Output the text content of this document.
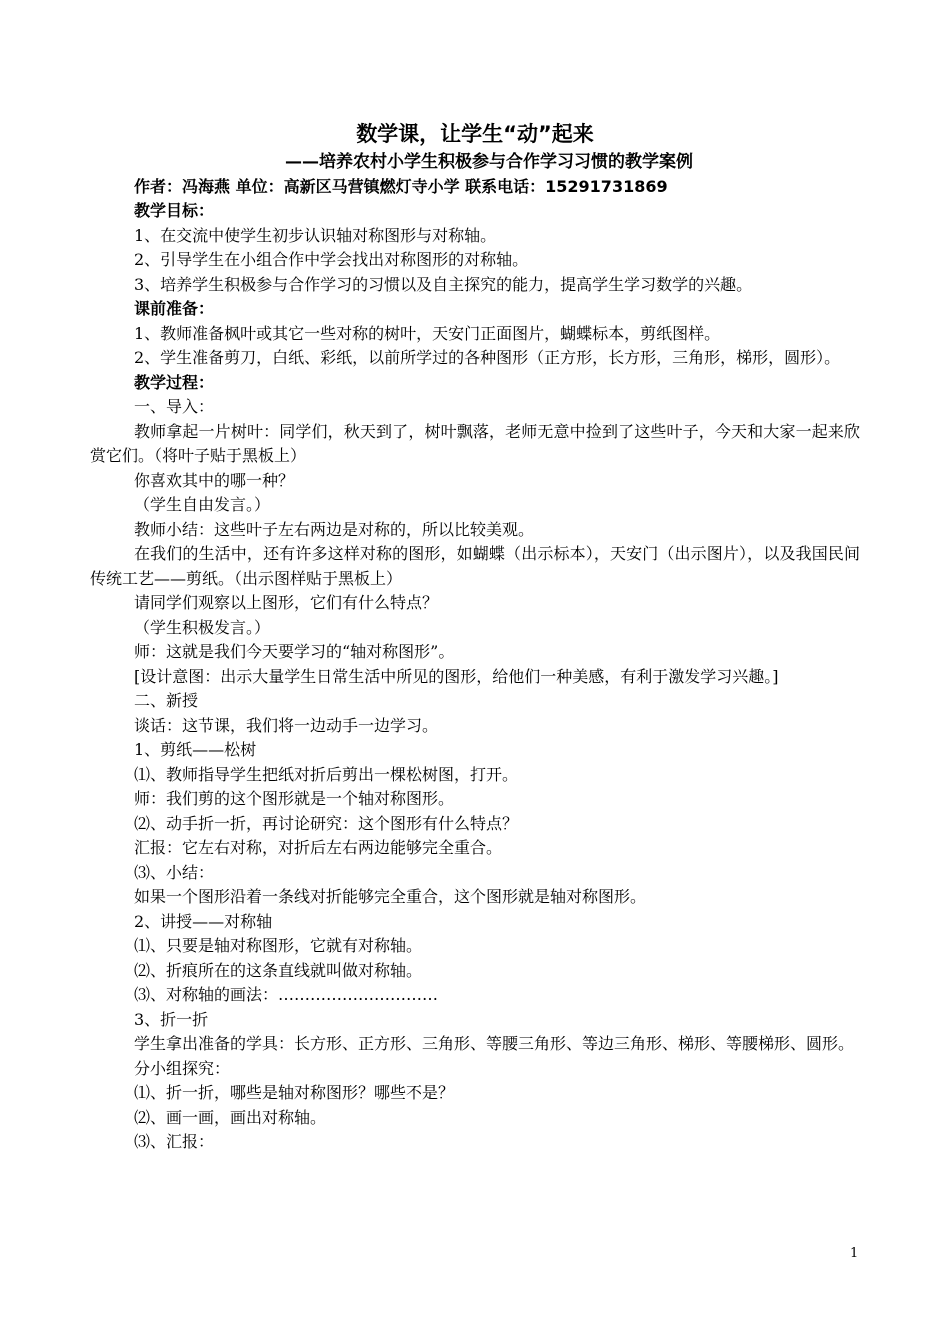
数学课，让学生“动”起来
——培养农村小学生积极参与合作学习习惯的教学案例
作者：冯海燕 单位：高新区马营镇燃灯寺小学 联系电话：15291731869

教学目标：

1、在交流中使学生初步认识轴对称图形与对称轴。

2、引导学生在小组合作中学会找出对称图形的对称轴。

3、培养学生积极参与合作学习的习惯以及自主探究的能力，提高学生学习数学的兴趣。

课前准备：

1、教师准备枫叶或其它一些对称的树叶，天安门正面图片，蝴蝶标本，剪纸图样。

2、学生准备剪刀，白纸、彩纸，以前所学过的各种图形（正方形，长方形，三角形，梯形，圆形）。

教学过程：

一、导入：

教师拿起一片树叶：同学们，秋天到了，树叶飘落，老师无意中捡到了这些叶子，今天和大家一起来欣赏它们。（将叶子贴于黑板上）

你喜欢其中的哪一种？

（学生自由发言。）

教师小结：这些叶子左右两边是对称的，所以比较美观。

在我们的生活中，还有许多这样对称的图形，如蝴蝶（出示标本），天安门（出示图片），以及我国民间传统工艺——剪纸。（出示图样贴于黑板上）

请同学们观察以上图形，它们有什么特点？

（学生积极发言。）

师：这就是我们今天要学习的“轴对称图形”。

[设计意图：出示大量学生日常生活中所见的图形，给他们一种美感，有利于激发学习兴趣。]

二、新授

谈话：这节课，我们将一边动手一边学习。

1、剪纸——松树

⑴、教师指导学生把纸对折后剪出一棵松树图，打开。

师：我们剪的这个图形就是一个轴对称图形。

⑵、动手折一折，再讨论研究：这个图形有什么特点？

汇报：它左右对称，对折后左右两边能够完全重合。

⑶、小结：

如果一个图形沿着一条线对折能够完全重合，这个图形就是轴对称图形。

2、讲授——对称轴

⑴、只要是轴对称图形，它就有对称轴。

⑵、折痕所在的这条直线就叫做对称轴。

⑶、对称轴的画法：…………………………

3、折一折

学生拿出准备的学具：长方形、正方形、三角形、等腰三角形、等边三角形、梯形、等腰梯形、圆形。

分小组探究：

⑴、折一折，哪些是轴对称图形？哪些不是？

⑵、画一画，画出对称轴。

⑶、汇报：

1
